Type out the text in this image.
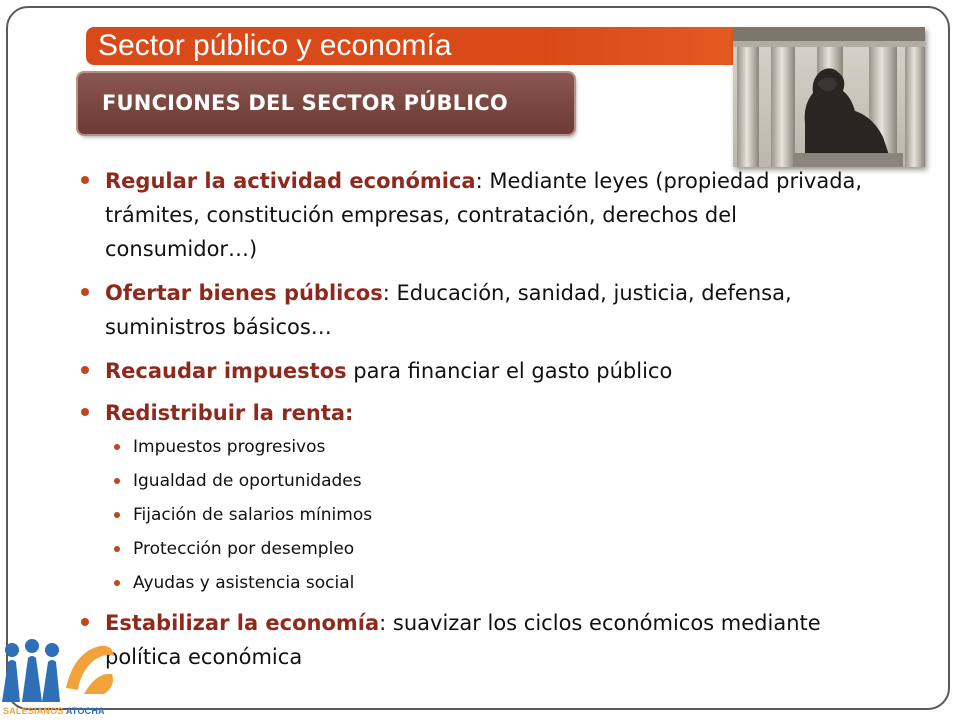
Sector público y economía
FUNCIONES DEL SECTOR PÚBLICO
Regular la actividad económica: Mediante leyes (propiedad privada, trámites, constitución empresas, contratación, derechos del consumidor…)
Ofertar bienes públicos: Educación, sanidad, justicia, defensa, suministros básicos…
Recaudar impuestos para financiar el gasto público
Redistribuir la renta:
Impuestos progresivos
Igualdad de oportunidades
Fijación de salarios mínimos
Protección por desempleo
Ayudas y asistencia social
Estabilizar la economía: suavizar los ciclos económicos mediante política económica
SALESIANOS ATOCHA
